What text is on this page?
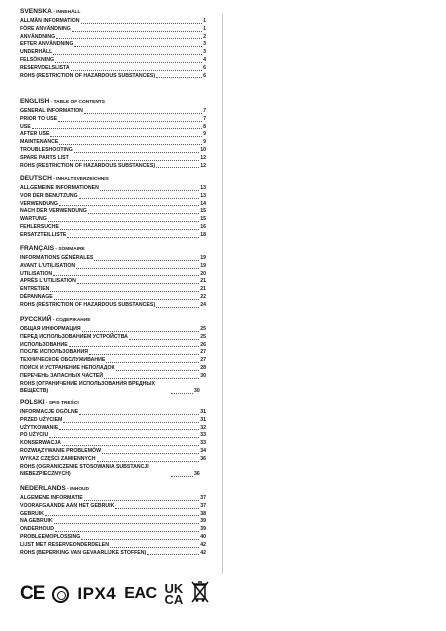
SVENSKA - INNEHÅLL
ALLMÄN INFORMATION	1
FÖRE ANVÄNDNING	1
ANVÄNDNING	2
EFTER ANVÄNDNING	3
UNDERHÅLL	3
FELSÖKNING	4
RESERVDELSLISTA	6
ROHS (RESTRICTION OF HAZARDOUS SUBSTANCES)	6
ENGLISH - TABLE OF CONTENTS
GENERAL INFORMATION	7
PRIOR TO USE	7
USE	8
AFTER USE	9
MAINTENANCE	9
TROUBLESHOOTING	10
SPARE PARTS LIST	12
ROHS (RESTRICTION OF HAZARDOUS SUBSTANCES)	12
DEUTSCH - INHALTSVERZEICHNIS
ALLGEMEINE INFORMATIONEN	13
VOR DER BENUTZUNG	13
VERWENDUNG	14
NACH DER VERWENDUNG	15
WARTUNG	15
FEHLERSUCHE	16
ERSATZTEILLISTE	18
FRANÇAIS - SOMMAIRE
INFORMATIONS GÉNÉRALES	19
AVANT L'UTILISATION	19
UTILISATION	20
APRÈS L'UTILISATION	21
ENTRETIEN	21
DÉPANNAGE	22
ROHS (RESTRICTION OF HAZARDOUS SUBSTANCES)	24
РУССКИЙ - СОДЕРЖАНИЕ
ОБЩАЯ ИНФОРМАЦИЯ	25
ПЕРЕД ИСПОЛЬЗОВАНИЕМ УСТРОЙСТВА	25
ИСПОЛЬЗОВАНИЕ	26
ПОСЛЕ ИСПОЛЬЗОВАНИЯ	27
ТЕХНИЧЕСКОЕ ОБСЛУЖИВАНИЕ	27
ПОИСК И УСТРАНЕНИЕ НЕПОЛАДОК	28
ПЕРЕЧЕНЬ ЗАПАСНЫХ ЧАСТЕЙ	30
ROHS (ОГРАНИЧЕНИЕ ИСПОЛЬЗОВАНИЯ ВРЕДНЫХ ВЕЩЕСТВ)	30
POLSKI - SPIS TREŚCI
INFORMACJE OGÓLNE	31
PRZED UŻYCIEM	31
UŻYTKOWANIE	32
PO UŻYCIU	33
KONSERWACJA	33
ROZWIĄZYWANIE PROBLEMÓW	34
WYKAZ CZĘŚCI ZAMIENNYCH	36
ROHS (OGRANICZENIE STOSOWANIA SUBSTANCJI NIEBEZPIECZNYCH)	36
NEDERLANDS - INHOUD
ALGEMENE INFORMATIE	37
VOORAFGAANDE AAN HET GEBRUIK	37
GEBRUIK	38
NA GEBRUIK	39
ONDERHOUD	39
PROBLEEMOPLOSSING	40
LIJST MET RESERVEONDERDELEN	42
ROHS (BEPERKING VAN GEVAARLIJKE STOFFEN)	42
CE IPX4 EAC UK
CA
